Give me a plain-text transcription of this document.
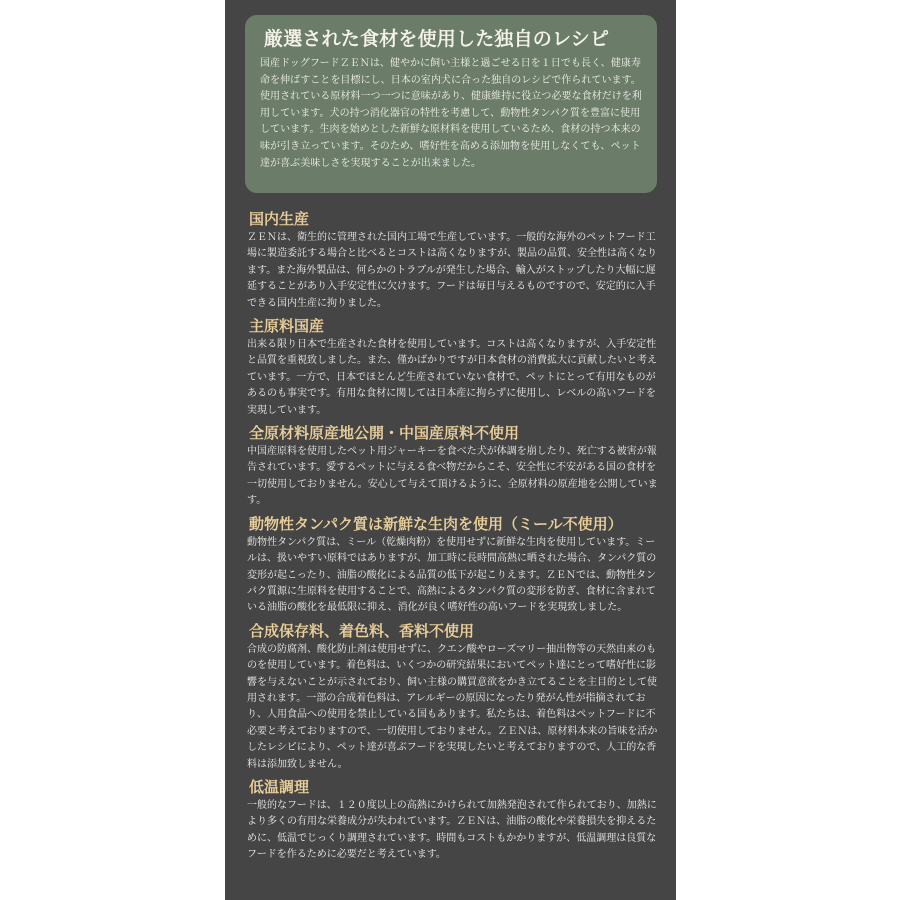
厳選された食材を使用した独自のレシピ

国産ドッグフードＺＥＮは、健やかに飼い主様と過ごせる日を１日でも長く、健康寿命を伸ばすことを目標にし、日本の室内犬に合った独自のレシピで作られています。使用されている原材料一つ一つに意味があり、健康維持に役立つ必要な食材だけを利用しています。犬の持つ消化器官の特性を考慮して、動物性タンパク質を豊富に使用しています。生肉を始めとした新鮮な原材料を使用しているため、食材の持つ本来の味が引き立っています。そのため、嗜好性を高める添加物を使用しなくても、ペット達が喜ぶ美味しさを実現することが出来ました。

国内生産

ＺＥＮは、衛生的に管理された国内工場で生産しています。一般的な海外のペットフード工場に製造委託する場合と比べるとコストは高くなりますが、製品の品質、安全性は高くなります。また海外製品は、何らかのトラブルが発生した場合、輸入がストップしたり大幅に遅延することがあり入手安定性に欠けます。フードは毎日与えるものですので、安定的に入手できる国内生産に拘りました。

主原料国産

出来る限り日本で生産された食材を使用しています。コストは高くなりますが、入手安定性と品質を重視致しました。また、僅かばかりですが日本食材の消費拡大に貢献したいと考えています。一方で、日本でほとんど生産されていない食材で、ペットにとって有用なものがあるのも事実です。有用な食材に関しては日本産に拘らずに使用し、レベルの高いフードを実現しています。

全原材料原産地公開・中国産原料不使用

中国産原料を使用したペット用ジャーキーを食べた犬が体調を崩したり、死亡する被害が報告されています。愛するペットに与える食べ物だからこそ、安全性に不安がある国の食材を一切使用しておりません。安心して与えて頂けるように、全原材料の原産地を公開しています。

動物性タンパク質は新鮮な生肉を使用（ミール不使用）

動物性タンパク質は、ミール（乾燥肉粉）を使用せずに新鮮な生肉を使用しています。ミールは、扱いやすい原料ではありますが、加工時に長時間高熱に晒された場合、タンパク質の変形が起こったり、油脂の酸化による品質の低下が起こりえます。ＺＥＮでは、動物性タンパク質源に生原料を使用することで、高熱によるタンパク質の変形を防ぎ、食材に含まれている油脂の酸化を最低限に抑え、消化が良く嗜好性の高いフードを実現致しました。

合成保存料、着色料、香料不使用

合成の防腐剤、酸化防止剤は使用せずに、クエン酸やローズマリー抽出物等の天然由来のものを使用しています。着色料は、いくつかの研究結果においてペット達にとって嗜好性に影響を与えないことが示されており、飼い主様の購買意欲をかき立てることを主目的として使用されます。一部の合成着色料は、アレルギーの原因になったり発がん性が指摘されており、人用食品への使用を禁止している国もあります。私たちは、着色料はペットフードに不必要と考えておりますので、一切使用しておりません。ＺＥＮは、原材料本来の旨味を活かしたレシピにより、ペット達が喜ぶフードを実現したいと考えておりますので、人工的な香料は添加致しません。

低温調理

一般的なフードは、１２０度以上の高熱にかけられて加熱発泡されて作られており、加熱により多くの有用な栄養成分が失われています。ＺＥＮは、油脂の酸化や栄養損失を抑えるために、低温でじっくり調理されています。時間もコストもかかりますが、低温調理は良質なフードを作るために必要だと考えています。
